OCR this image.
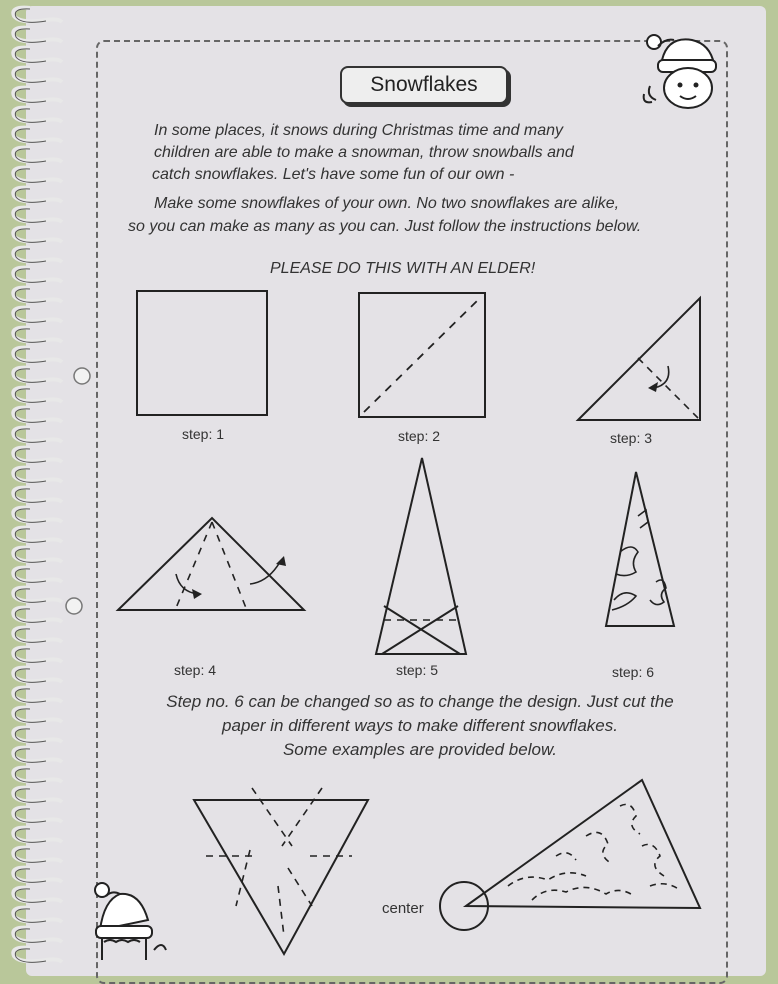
Snowflakes
In some places, it snows during Christmas time and many
children are able to make a snowman, throw snowballs and
catch snowflakes. Let's have some fun of our own -
Make some snowflakes of your own. No two snowflakes are alike,
so you can make as many as you can. Just follow the instructions below.
PLEASE DO THIS WITH AN ELDER!
step: 1	step: 2	step: 3
step: 4	step: 5	step: 6
Step no. 6 can be changed so as to change the design. Just cut the
paper in different ways to make different snowflakes.
Some examples are provided below.
center
